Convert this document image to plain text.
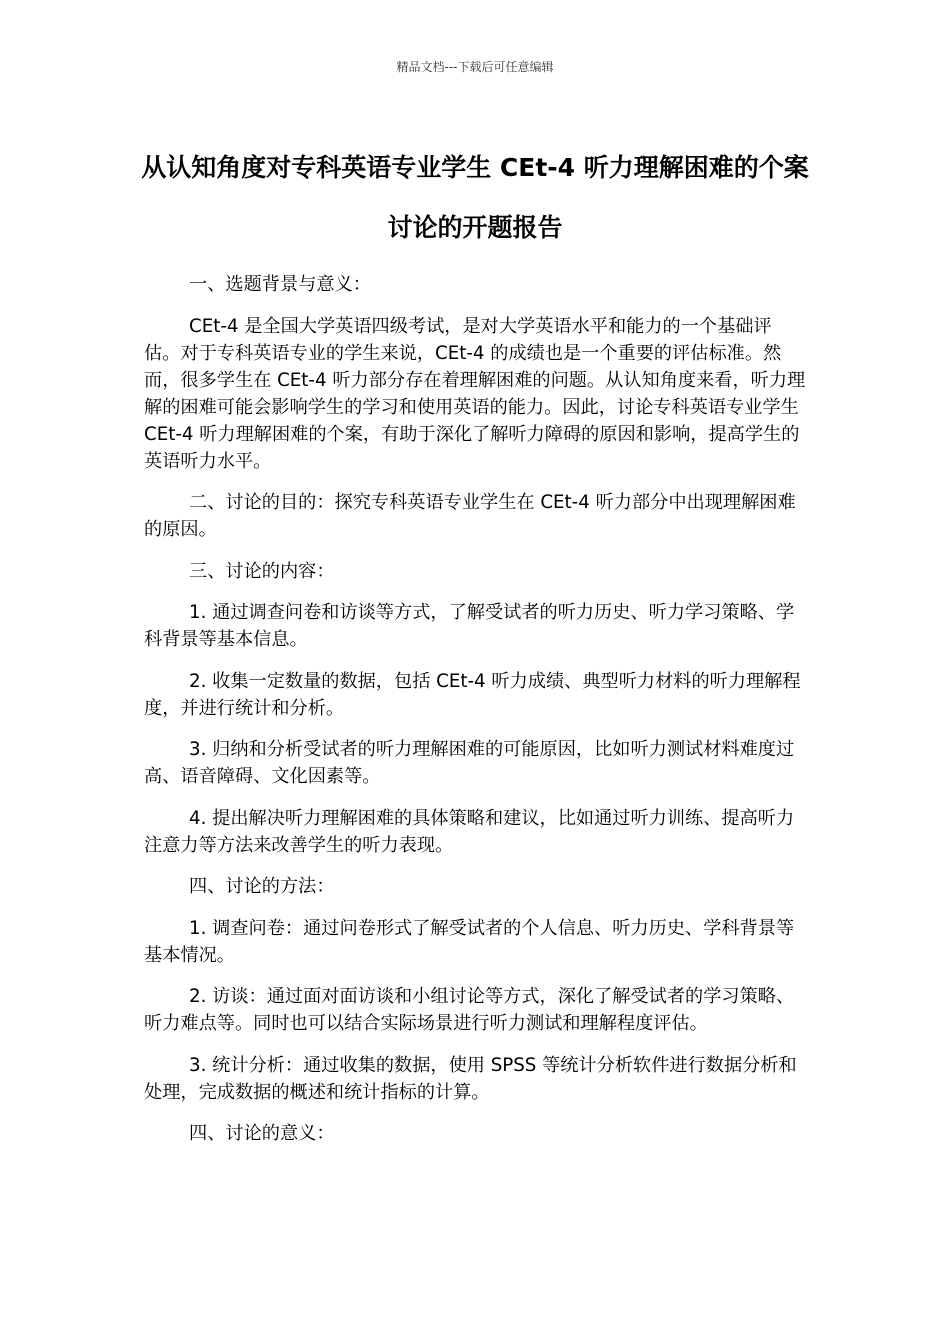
精品文档---下载后可任意编辑
从认知角度对专科英语专业学生 CEt-4 听力理解困难的个案讨论的开题报告

一、选题背景与意义：

CEt-4 是全国大学英语四级考试，是对大学英语水平和能力的一个基础评估。对于专科英语专业的学生来说，CEt-4 的成绩也是一个重要的评估标准。然而，很多学生在 CEt-4 听力部分存在着理解困难的问题。从认知角度来看，听力理解的困难可能会影响学生的学习和使用英语的能力。因此，讨论专科英语专业学生 CEt-4 听力理解困难的个案，有助于深化了解听力障碍的原因和影响，提高学生的英语听力水平。

二、讨论的目的：探究专科英语专业学生在 CEt-4 听力部分中出现理解困难的原因。

三、讨论的内容：

1. 通过调查问卷和访谈等方式，了解受试者的听力历史、听力学习策略、学科背景等基本信息。

2. 收集一定数量的数据，包括 CEt-4 听力成绩、典型听力材料的听力理解程度，并进行统计和分析。

3. 归纳和分析受试者的听力理解困难的可能原因，比如听力测试材料难度过高、语音障碍、文化因素等。

4. 提出解决听力理解困难的具体策略和建议，比如通过听力训练、提高听力注意力等方法来改善学生的听力表现。

四、讨论的方法：

1. 调查问卷：通过问卷形式了解受试者的个人信息、听力历史、学科背景等基本情况。

2. 访谈：通过面对面访谈和小组讨论等方式，深化了解受试者的学习策略、听力难点等。同时也可以结合实际场景进行听力测试和理解程度评估。

3. 统计分析：通过收集的数据，使用 SPSS 等统计分析软件进行数据分析和处理，完成数据的概述和统计指标的计算。

四、讨论的意义：
